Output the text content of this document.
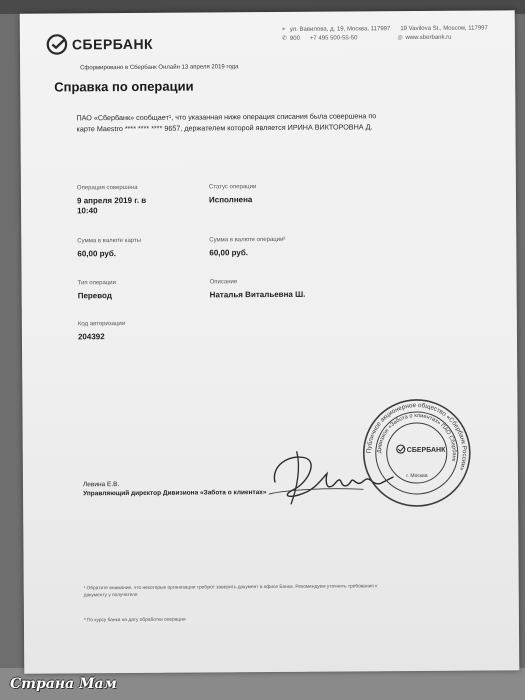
СБЕРБАНК
⌖ ул. Вавилова, д. 19, Москва, 117997 19 Vavilova St., Moscow, 117997
✆ 900 +7 495 500-55-50	◎ www.sberbank.ru
Сформировано в Сбербанк Онлайн 13 апреля 2019 года
Справка по операции
ПАО «Сбербанк» сообщает¹, что указанная ниже операция списания была совершена по карте Maestro **** **** **** 9657, держателем которой является ИРИНА ВИКТОРОВНА Д.
Операция совершена
9 апреля 2019 г. в 10:40
Статус операции
Исполнена
Сумма в валюте карты
60,00 руб.
Сумма в валюте операции²
60,00 руб.
Тип операции
Перевод
Описание
Наталья Витальевна Ш.
Код авторизации
204392
Левина Е.В.
Управляющий директор Дивизиона «Забота о клиентах»
Публичное акционерное общество «Сбербанк России»
Дивизион «Забота о клиентах» ПАО Сбербанк
СБЕРБАНК
г. Москва
¹ Обратите внимание, что некоторые организации требуют заверить документ в офисе Банка. Рекомендуем уточнить требования к документу у получателя
² По курсу банка на дату обработки операции
Страна Мам
